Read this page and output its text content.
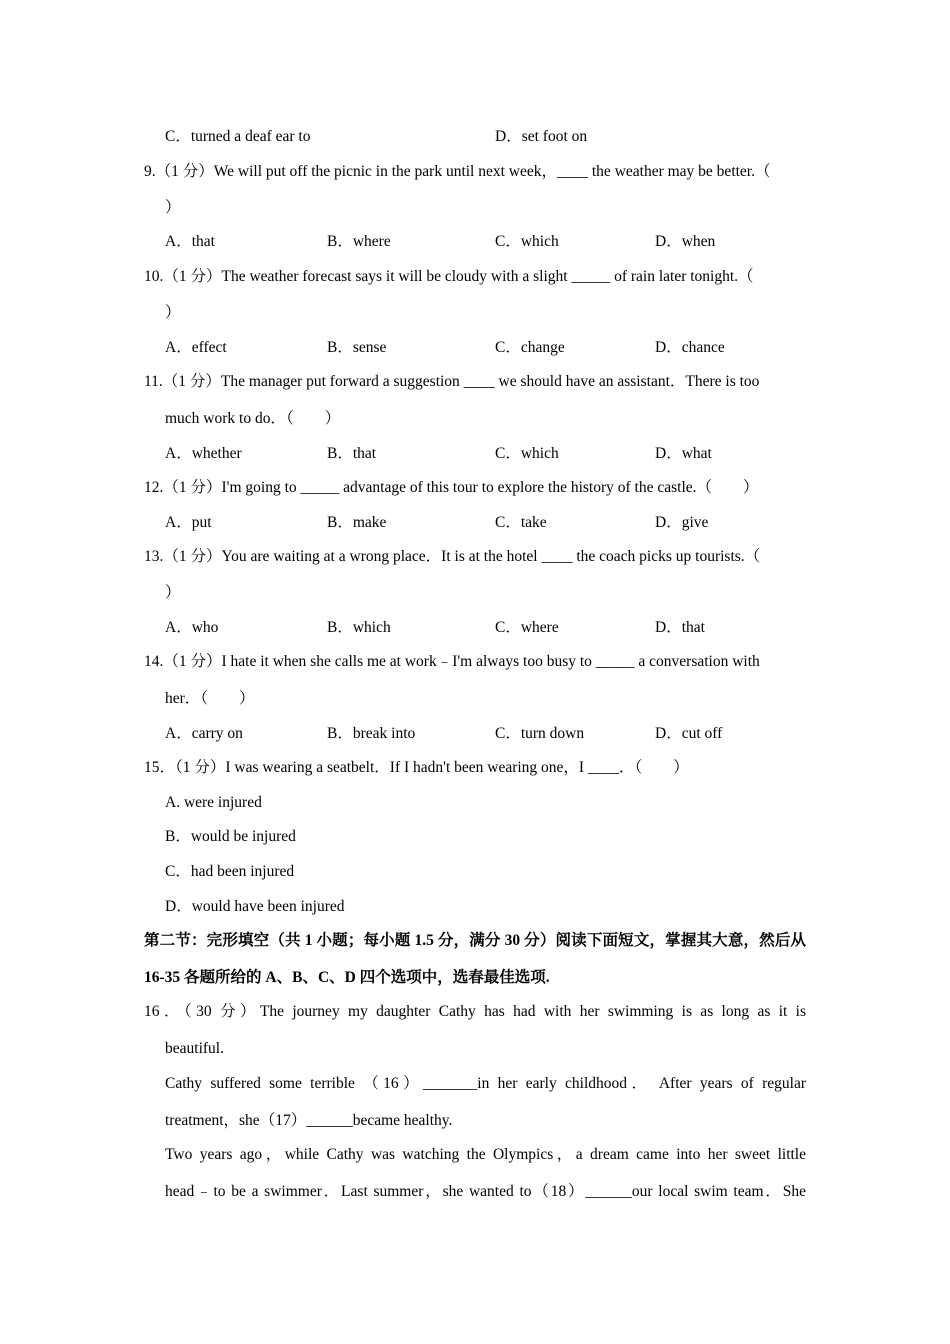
C．turned a deaf ear to	D．set foot on
9.（1 分）We will put off the picnic in the park until next week，____ the weather may be better.（
）
A．that	B．where	C．which	D．when
10.（1 分）The weather forecast says it will be cloudy with a slight _____ of rain later tonight.（
）
A．effect	B．sense	C．change	D．chance
11.（1 分）The manager put forward a suggestion ____ we should have an assistant．There is too
much work to do．（　　）
A．whether	B．that	C．which	D．what
12.（1 分）I'm going to _____ advantage of this tour to explore the history of the castle.（　　）
A．put	B．make	C．take	D．give
13.（1 分）You are waiting at a wrong place．It is at the hotel ____ the coach picks up tourists.（
）
A．who	B．which	C．where	D．that
14.（1 分）I hate it when she calls me at work﹣I'm always too busy to _____ a conversation with
her．（　　）
A．carry on	B．break into	C．turn down	D．cut off
15．（1 分）I was wearing a seatbelt．If I hadn't been wearing one，I ____．（　　）
A. were injured
B．would be injured
C．had been injured
D．would have been injured
第二节：完形填空（共 1 小题；每小题 1.5 分，满分 30 分）阅读下面短文，掌握其大意，然后从
16-35 各题所给的 A、B、C、D 四个选项中，选春最佳选项.
16．（30 分）The journey my daughter Cathy has had with her swimming is as long as it is
beautiful.
Cathy suffered some terrible （16）_______in her early childhood． After years of regular
treatment，she（17）______became healthy.
Two years ago，while Cathy was watching the Olympics，a dream came into her sweet little
head﹣to be a swimmer．Last summer，she wanted to（18）______our local swim team．She
